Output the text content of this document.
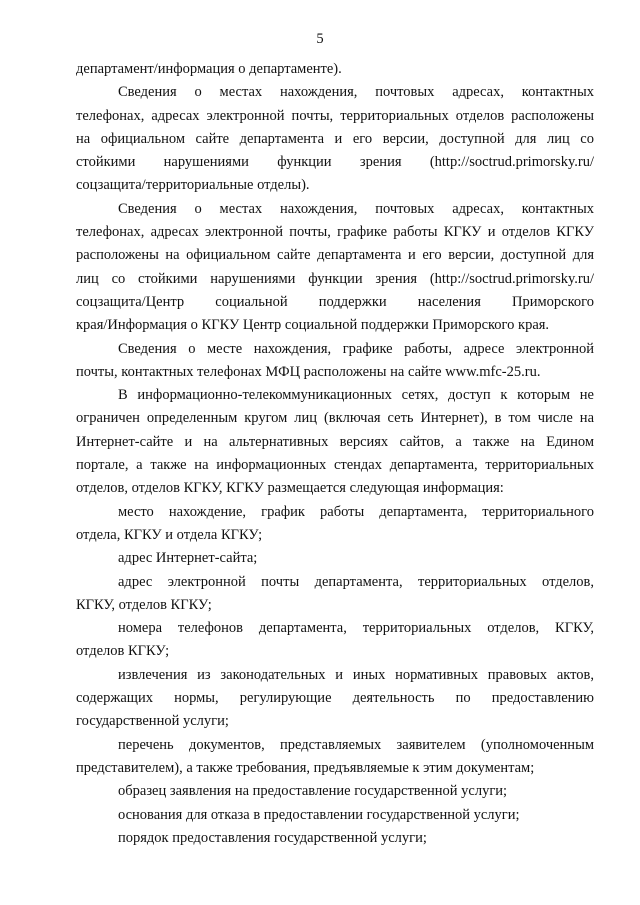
5
департамент/информация о департаменте).
Сведения о местах нахождения, почтовых адресах, контактных
телефонах, адресах электронной почты, территориальных отделов расположены
на официальном сайте департамента и его версии, доступной для лиц со
стойкими нарушениями функции зрения (http://soctrud.primorsky.ru/
соцзащита/территориальные отделы).
Сведения о местах нахождения, почтовых адресах, контактных
телефонах, адресах электронной почты, графике работы КГКУ и отделов КГКУ
расположены на официальном сайте департамента и его версии, доступной для
лиц со стойкими нарушениями функции зрения (http://soctrud.primorsky.ru/
соцзащита/Центр социальной поддержки населения Приморского
края/Информация о КГКУ Центр социальной поддержки Приморского края.
Сведения о месте нахождения, графике работы, адресе электронной
почты, контактных телефонах МФЦ расположены на сайте www.mfc-25.ru.
В информационно-телекоммуникационных сетях, доступ к которым не
ограничен определенным кругом лиц (включая сеть Интернет), в том числе на
Интернет-сайте и на альтернативных версиях сайтов, а также на Едином
портале, а также на информационных стендах департамента, территориальных
отделов, отделов КГКУ, КГКУ размещается следующая информация:
место нахождение, график работы департамента, территориального
отдела, КГКУ и отдела КГКУ;
адрес Интернет-сайта;
адрес электронной почты департамента, территориальных отделов,
КГКУ, отделов КГКУ;
номера телефонов департамента, территориальных отделов, КГКУ,
отделов КГКУ;
извлечения из законодательных и иных нормативных правовых актов,
содержащих нормы, регулирующие деятельность по предоставлению
государственной услуги;
перечень документов, представляемых заявителем (уполномоченным
представителем), а также требования, предъявляемые к этим документам;
образец заявления на предоставление государственной услуги;
основания для отказа в предоставлении государственной услуги;
порядок предоставления государственной услуги;
